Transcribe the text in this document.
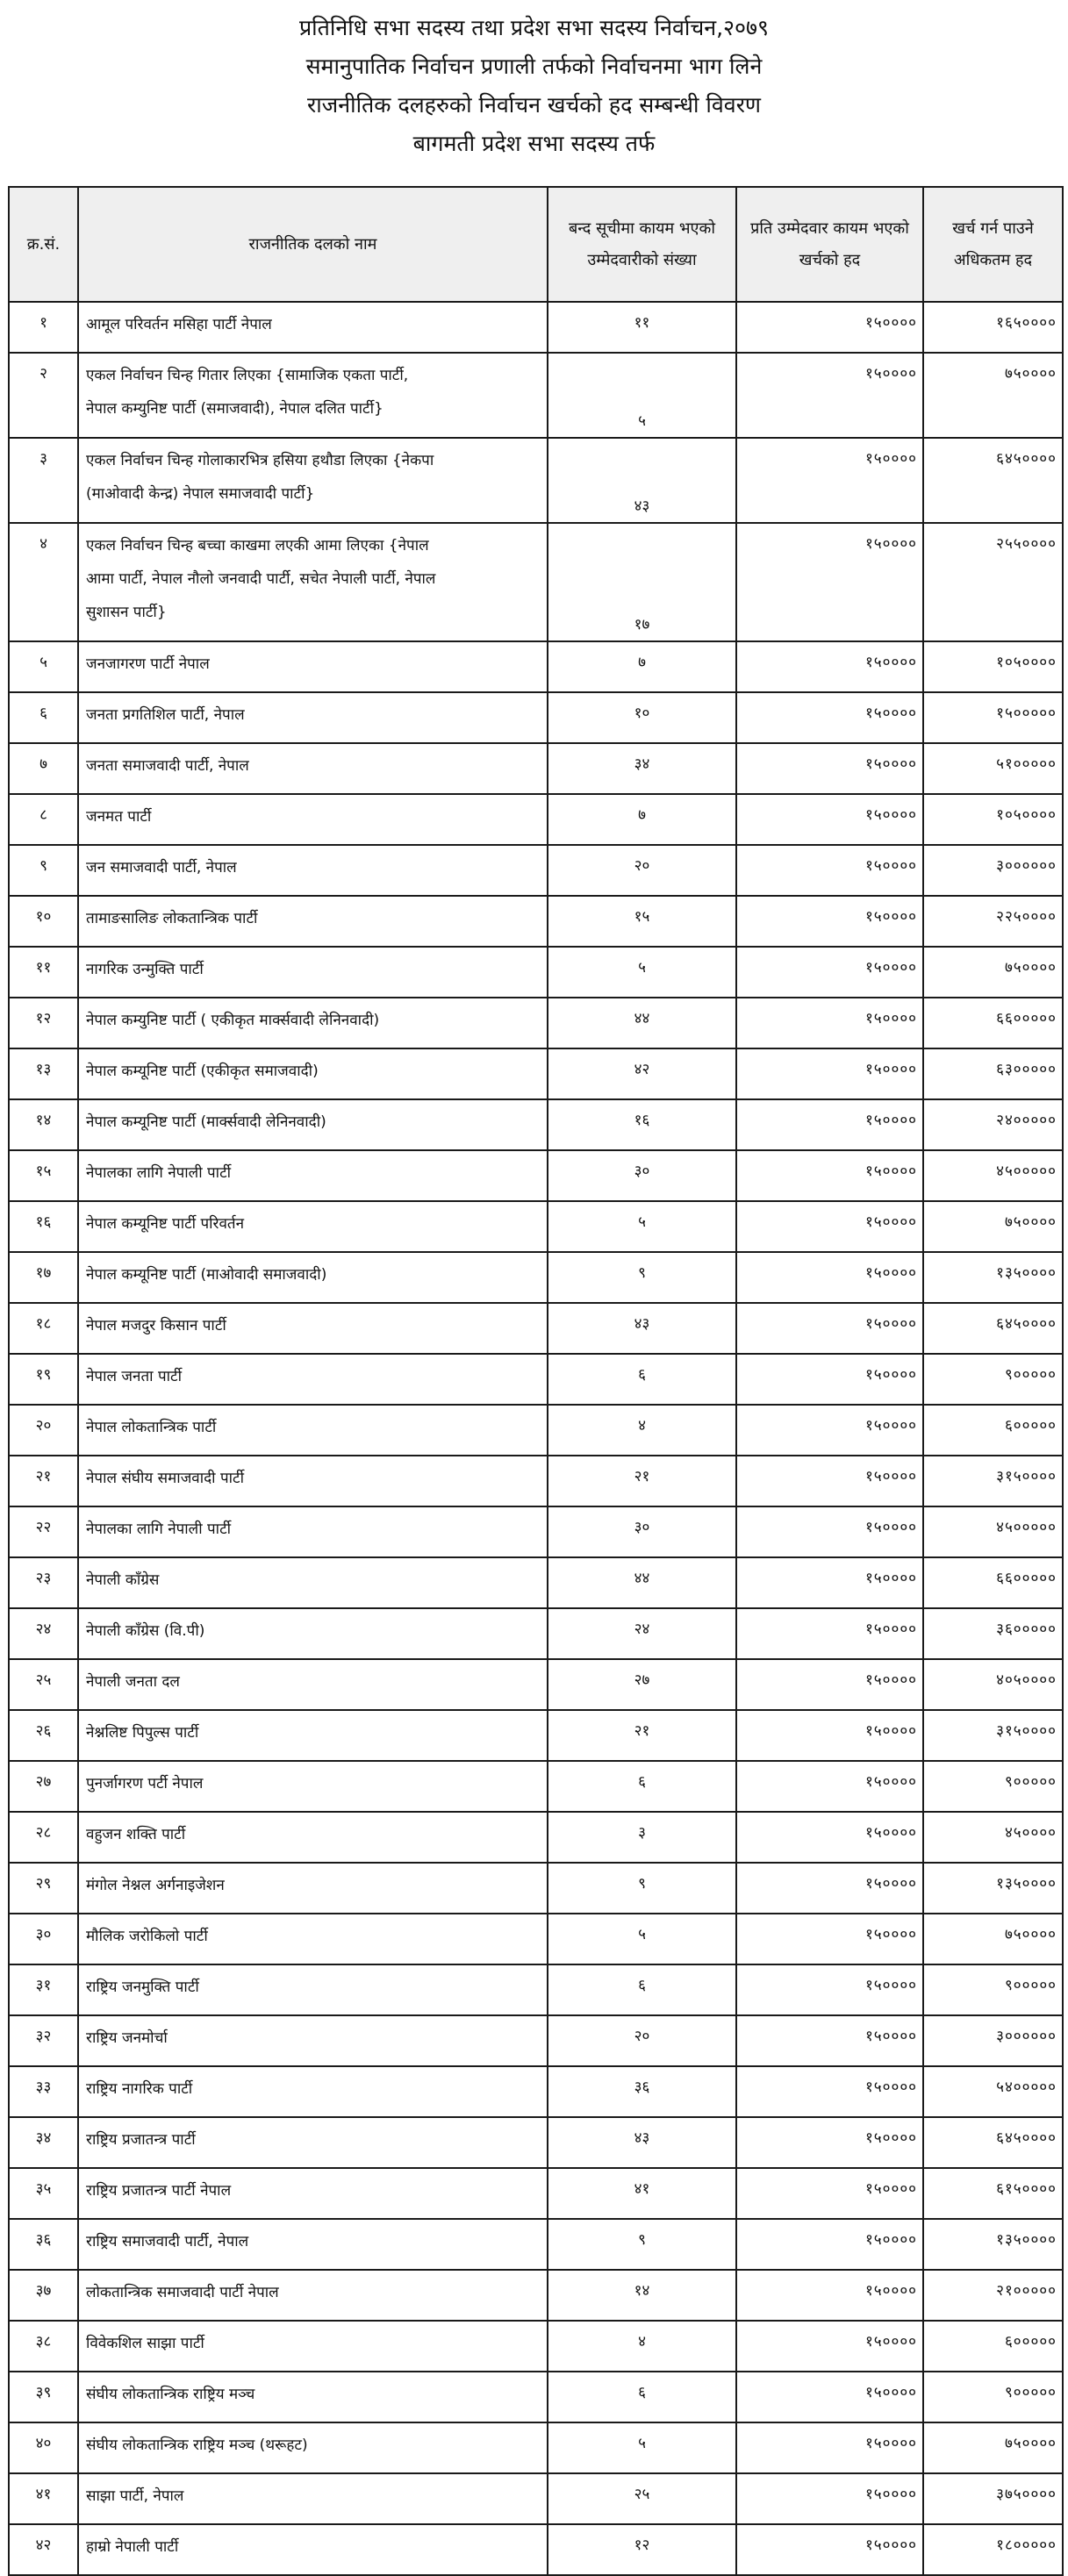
प्रतिनिधि सभा सदस्य तथा प्रदेश सभा सदस्य निर्वाचन,२०७९
समानुपातिक निर्वाचन प्रणाली तर्फको निर्वाचनमा भाग लिने
राजनीतिक दलहरुको निर्वाचन खर्चको हद सम्बन्धी विवरण
बागमती प्रदेश सभा सदस्य तर्फ
क्र.सं.	राजनीतिक दलको नाम	बन्द सूचीमा कायम भएको उम्मेदवारीको संख्या	प्रति उम्मेदवार कायम भएको खर्चको हद	खर्च गर्न पाउने अधिकतम हद
१	आमूल परिवर्तन मसिहा पार्टी नेपाल	११	१५००००	१६५००००
२	एकल निर्वाचन चिन्ह गितार लिएका {सामाजिक एकता पार्टी,
नेपाल कम्युनिष्ट पार्टी (समाजवादी), नेपाल दलित पार्टी}	५	१५००००	७५००००
३	एकल निर्वाचन चिन्ह गोलाकारभित्र हसिया हथौडा लिएका {नेकपा
(माओवादी केन्द्र) नेपाल समाजवादी पार्टी}	४३	१५००००	६४५००००
४	एकल निर्वाचन चिन्ह बच्चा काखमा लएकी आमा लिएका {नेपाल
आमा पार्टी, नेपाल नौलो जनवादी पार्टी, सचेत नेपाली पार्टी, नेपाल
सुशासन पार्टी}	१७	१५००००	२५५००००
५	जनजागरण पार्टी नेपाल	७	१५००००	१०५००००
६	जनता प्रगतिशिल पार्टी, नेपाल	१०	१५००००	१५०००००
७	जनता समाजवादी पार्टी, नेपाल	३४	१५००००	५१०००००
८	जनमत पार्टी	७	१५००००	१०५००००
९	जन समाजवादी पार्टी, नेपाल	२०	१५००००	३००००००
१०	तामाङसालिङ लोकतान्त्रिक पार्टी	१५	१५००००	२२५००००
११	नागरिक उन्मुक्ति पार्टी	५	१५००००	७५००००
१२	नेपाल कम्युनिष्ट पार्टी ( एकीकृत मार्क्सवादी लेनिनवादी)	४४	१५००००	६६०००००
१३	नेपाल कम्यूनिष्ट पार्टी (एकीकृत समाजवादी)	४२	१५००००	६३०००००
१४	नेपाल कम्यूनिष्ट पार्टी (मार्क्सवादी लेनिनवादी)	१६	१५००००	२४०००००
१५	नेपालका लागि नेपाली पार्टी	३०	१५००००	४५०००००
१६	नेपाल कम्यूनिष्ट पार्टी परिवर्तन	५	१५००००	७५००००
१७	नेपाल कम्यूनिष्ट पार्टी (माओवादी समाजवादी)	९	१५००००	१३५००००
१८	नेपाल मजदुर किसान पार्टी	४३	१५००००	६४५००००
१९	नेपाल जनता पार्टी	६	१५००००	९०००००
२०	नेपाल लोकतान्त्रिक पार्टी	४	१५००००	६०००००
२१	नेपाल संघीय समाजवादी पार्टी	२१	१५००००	३१५००००
२२	नेपालका लागि नेपाली पार्टी	३०	१५००००	४५०००००
२३	नेपाली काँग्रेस	४४	१५००००	६६०००००
२४	नेपाली काँग्रेस (वि.पी)	२४	१५००००	३६०००००
२५	नेपाली जनता दल	२७	१५००००	४०५००००
२६	नेश्नलिष्ट पिपुल्स पार्टी	२१	१५००००	३१५००००
२७	पुनर्जागरण पर्टी नेपाल	६	१५००००	९०००००
२८	वहुजन शक्ति पार्टी	३	१५००००	४५००००
२९	मंगोल नेश्नल अर्गनाइजेशन	९	१५००००	१३५००००
३०	मौलिक जरोकिलो पार्टी	५	१५००००	७५००००
३१	राष्ट्रिय जनमुक्ति पार्टी	६	१५००००	९०००००
३२	राष्ट्रिय जनमोर्चा	२०	१५००००	३००००००
३३	राष्ट्रिय नागरिक पार्टी	३६	१५००००	५४०००००
३४	राष्ट्रिय प्रजातन्त्र पार्टी	४३	१५००००	६४५००००
३५	राष्ट्रिय प्रजातन्त्र पार्टी नेपाल	४१	१५००००	६१५००००
३६	राष्ट्रिय समाजवादी पार्टी, नेपाल	९	१५००००	१३५००००
३७	लोकतान्त्रिक समाजवादी पार्टी नेपाल	१४	१५००००	२१०००००
३८	विवेकशिल साझा पार्टी	४	१५००००	६०००००
३९	संघीय लोकतान्त्रिक राष्ट्रिय मञ्च	६	१५००००	९०००००
४०	संघीय लोकतान्त्रिक राष्ट्रिय मञ्च (थरूहट)	५	१५००००	७५००००
४१	साझा पार्टी, नेपाल	२५	१५००००	३७५००००
४२	हाम्रो नेपाली पार्टी	१२	१५००००	१८०००००
